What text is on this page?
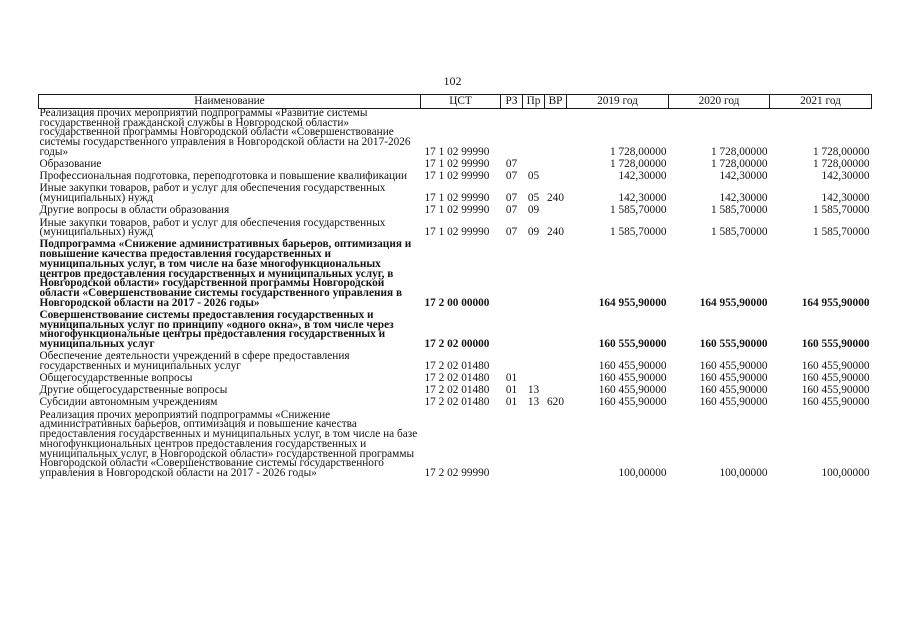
102
Наименование	ЦСТ	РЗ	Пр	ВР	2019 год	2020 год	2021 год
Реализация прочих мероприятий подпрограммы «Развитие системы государственной гражданской службы в Новгородской области» государственной программы Новгородской области «Совершенствование системы государственного управления в Новгородской области на 2017-2026 годы»	17 1 02 99990				1 728,00000	1 728,00000	1 728,00000
Образование	17 1 02 99990	07			1 728,00000	1 728,00000	1 728,00000
Профессиональная подготовка, переподготовка и повышение квалификации	17 1 02 99990	07	05		142,30000	142,30000	142,30000
Иные закупки товаров, работ и услуг для обеспечения государственных (муниципальных) нужд	17 1 02 99990	07	05	240	142,30000	142,30000	142,30000
Другие вопросы в области образования	17 1 02 99990	07	09		1 585,70000	1 585,70000	1 585,70000
Иные закупки товаров, работ и услуг для обеспечения государственных (муниципальных) нужд	17 1 02 99990	07	09	240	1 585,70000	1 585,70000	1 585,70000
Подпрограмма «Снижение административных барьеров, оптимизация и повышение качества предоставления государственных и муниципальных услуг, в том числе на базе многофункциональных центров предоставления государственных и муниципальных услуг, в Новгородской области» государственной программы Новгородской области «Совершенствование системы государственного управления в Новгородской области на 2017 - 2026 годы»	17 2 00 00000				164 955,90000	164 955,90000	164 955,90000
Совершенствование системы предоставления государственных и муниципальных услуг по принципу «одного окна», в том числе через многофункциональные центры предоставления государственных и муниципальных услуг	17 2 02 00000				160 555,90000	160 555,90000	160 555,90000
Обеспечение деятельности учреждений в сфере предоставления государственных и муниципальных услуг	17 2 02 01480				160 455,90000	160 455,90000	160 455,90000
Общегосударственные вопросы	17 2 02 01480	01			160 455,90000	160 455,90000	160 455,90000
Другие общегосударственные вопросы	17 2 02 01480	01	13		160 455,90000	160 455,90000	160 455,90000
Субсидии автономным учреждениям	17 2 02 01480	01	13	620	160 455,90000	160 455,90000	160 455,90000
Реализация прочих мероприятий подпрограммы «Снижение административных барьеров, оптимизация и повышение качества предоставления государственных и муниципальных услуг, в том числе на базе многофункциональных центров предоставления государственных и муниципальных услуг, в Новгородской области» государственной программы Новгородской области «Совершенствование системы государственного управления в Новгородской области на 2017 - 2026 годы»	17 2 02 99990				100,00000	100,00000	100,00000
